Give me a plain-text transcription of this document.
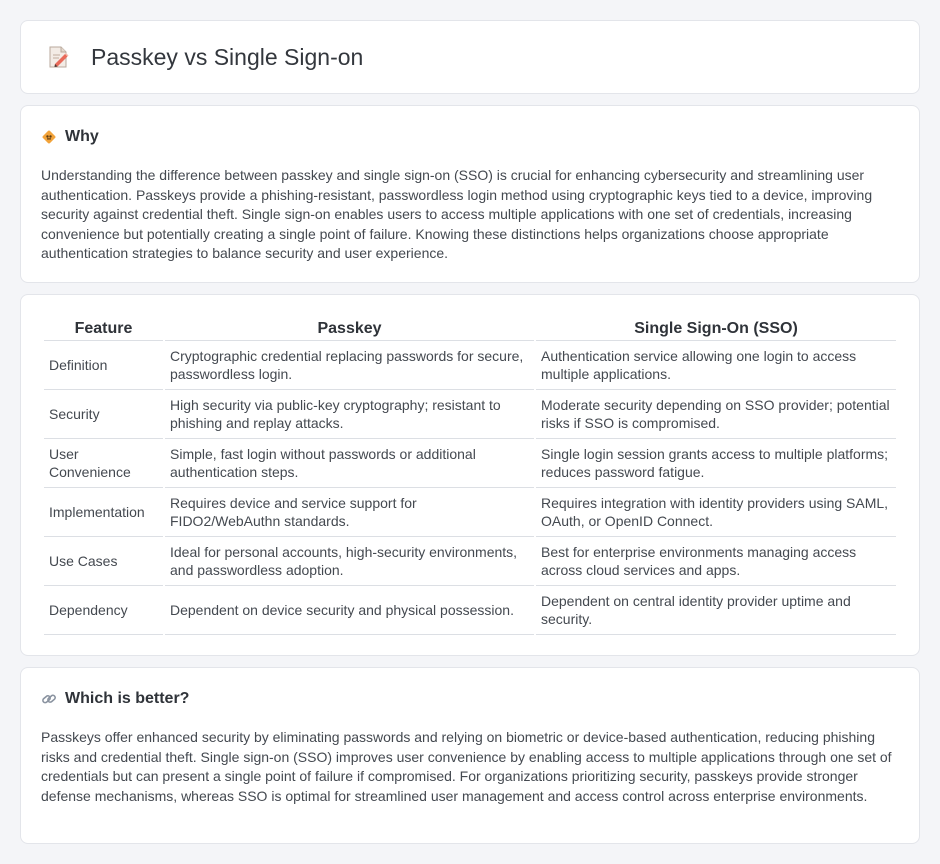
Passkey vs Single Sign-on
Why

Understanding the difference between passkey and single sign-on (SSO) is crucial for enhancing cybersecurity and streamlining user authentication. Passkeys provide a phishing-resistant, passwordless login method using cryptographic keys tied to a device, improving security against credential theft. Single sign-on enables users to access multiple applications with one set of credentials, increasing convenience but potentially creating a single point of failure. Knowing these distinctions helps organizations choose appropriate authentication strategies to balance security and user experience.

Feature	Passkey	Single Sign-On (SSO)
Definition	Cryptographic credential replacing passwords for secure, passwordless login.	Authentication service allowing one login to access multiple applications.
Security	High security via public-key cryptography; resistant to phishing and replay attacks.	Moderate security depending on SSO provider; potential risks if SSO is compromised.
User Convenience	Simple, fast login without passwords or additional authentication steps.	Single login session grants access to multiple platforms; reduces password fatigue.
Implementation	Requires device and service support for FIDO2/WebAuthn standards.	Requires integration with identity providers using SAML, OAuth, or OpenID Connect.
Use Cases	Ideal for personal accounts, high-security environments, and passwordless adoption.	Best for enterprise environments managing access across cloud services and apps.
Dependency	Dependent on device security and physical possession.	Dependent on central identity provider uptime and security.
Which is better?

Passkeys offer enhanced security by eliminating passwords and relying on biometric or device-based authentication, reducing phishing risks and credential theft. Single sign-on (SSO) improves user convenience by enabling access to multiple applications through one set of credentials but can present a single point of failure if compromised. For organizations prioritizing security, passkeys provide stronger defense mechanisms, whereas SSO is optimal for streamlined user management and access control across enterprise environments.
